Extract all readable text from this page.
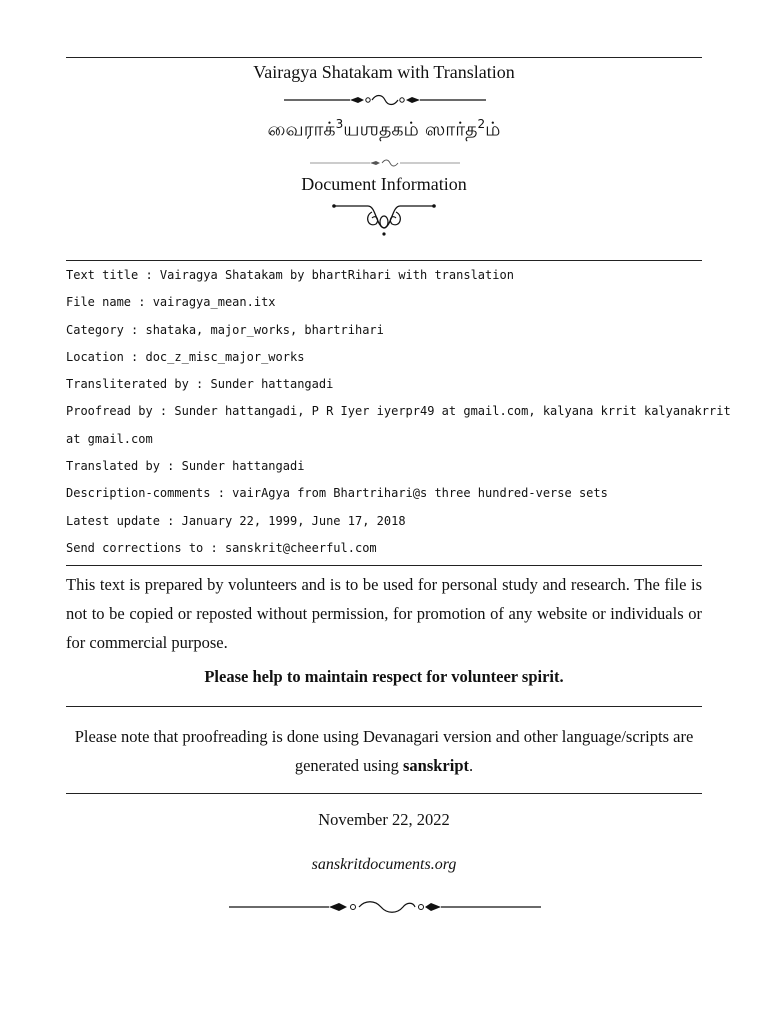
Vairagya Shatakam with Translation
வைராக்$^3$யஶதகம் ஸார்த$^2$ம்
Document Information
Text title : Vairagya Shatakam by bhartRihari with translation
File name : vairagya_mean.itx
Category : shataka, major_works, bhartrihari
Location : doc_z_misc_major_works
Transliterated by : Sunder hattangadi
Proofread by : Sunder hattangadi, P R Iyer iyerpr49 at gmail.com, kalyana krrit kalyanakrrit
at gmail.com
Translated by : Sunder hattangadi
Description-comments : vairAgya from Bhartrihari@s three hundred-verse sets
Latest update : January 22, 1999, June 17, 2018
Send corrections to : sanskrit@cheerful.com
This text is prepared by volunteers and is to be used for personal study and research. The file is not to be copied or reposted without permission, for promotion of any website or individuals or for commercial purpose.
Please help to maintain respect for volunteer spirit.
Please note that proofreading is done using Devanagari version and other language/scripts are generated using sanskript.
November 22, 2022
sanskritdocuments.org
